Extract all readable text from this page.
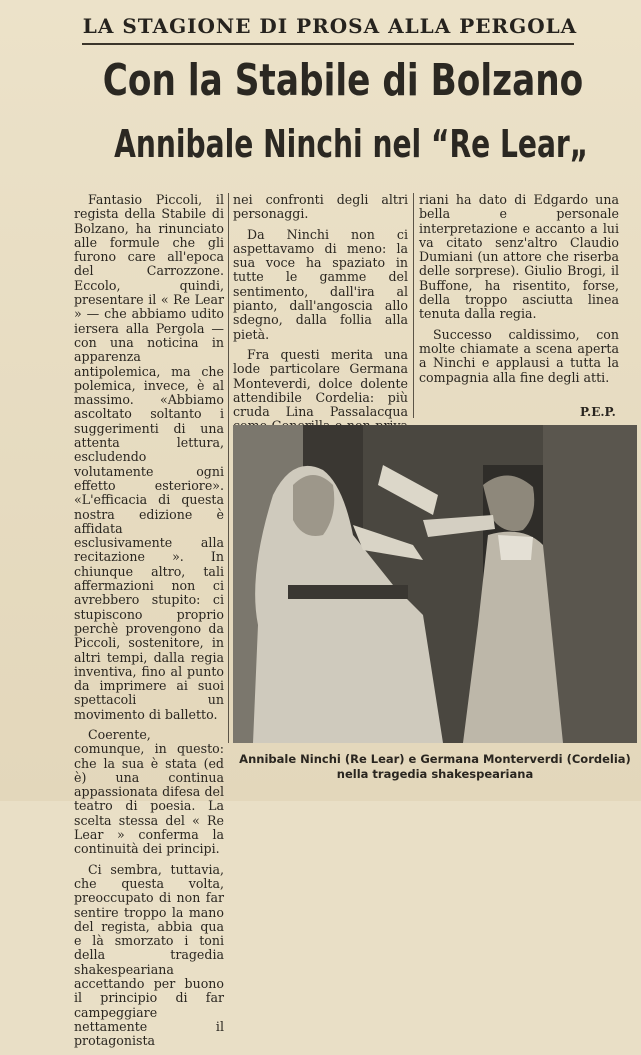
LA STAGIONE DI PROSA ALLA PERGOLA
Con la Stabile di Bolzano
Annibale Ninchi nel “Re Lear„

Fantasio Piccoli, il regista della Stabile di Bolzano, ha rinunciato alle formule che gli furono care all'epoca del Carrozzone. Eccolo, quindi, presentare il « Re Lear » — che abbiamo udito iersera alla Pergola — con una noticina in apparenza antipolemica, ma che polemica, invece, è al massimo. «Abbiamo ascoltato soltanto i suggerimenti di una attenta lettura, escludendo volutamente ogni effetto esteriore». «L'efficacia di questa nostra edizione è affidata esclusivamente alla recitazione ». In chiunque altro, tali affermazioni non ci avrebbero stupito: ci stupiscono proprio perchè provengono da Piccoli, sostenitore, in altri tempi, dalla regia inventiva, fino al punto da imprimere ai suoi spettacoli un movimento di balletto.

Coerente, comunque, in questo: che la sua è stata (ed è) una continua appassionata difesa del teatro di poesia. La scelta stessa del « Re Lear » conferma la continuità dei principi.

Ci sembra, tuttavia, che questa volta, preoccupato di non far sentire troppo la mano del regista, abbia qua e là smorzato i toni della tragedia shakespeariana accettando per buono il principio di far campeggiare nettamente il protagonista

nei confronti degli altri personaggi.

Da Ninchi non ci aspettavamo di meno: la sua voce ha spaziato in tutte le gamme del sentimento, dall'ira al pianto, dall'angoscia allo sdegno, dalla follia alla pietà.

Fra questi merita una lode particolare Germana Monteverdi, dolce dolente attendibile Cordelia: più cruda Lina Passalacqua

riani ha dato di Edgardo una bella e personale interpretazione e accanto a lui va citato senz'altro Claudio Dumiani (un attore che riserba delle sorprese). Giulio Brogi, il Buffone, ha risentito, forse, della troppo asciutta linea tenuta dalla regia.

Successo caldissimo, con molte chiamate a scena aperta a Ninchi e applausi a tutta la compagnia alla fine degli atti.

P.E.P.
Annibale Ninchi (Re Lear) e Germana Monterverdi (Cordelia)
nella tragedia shakespeariana
